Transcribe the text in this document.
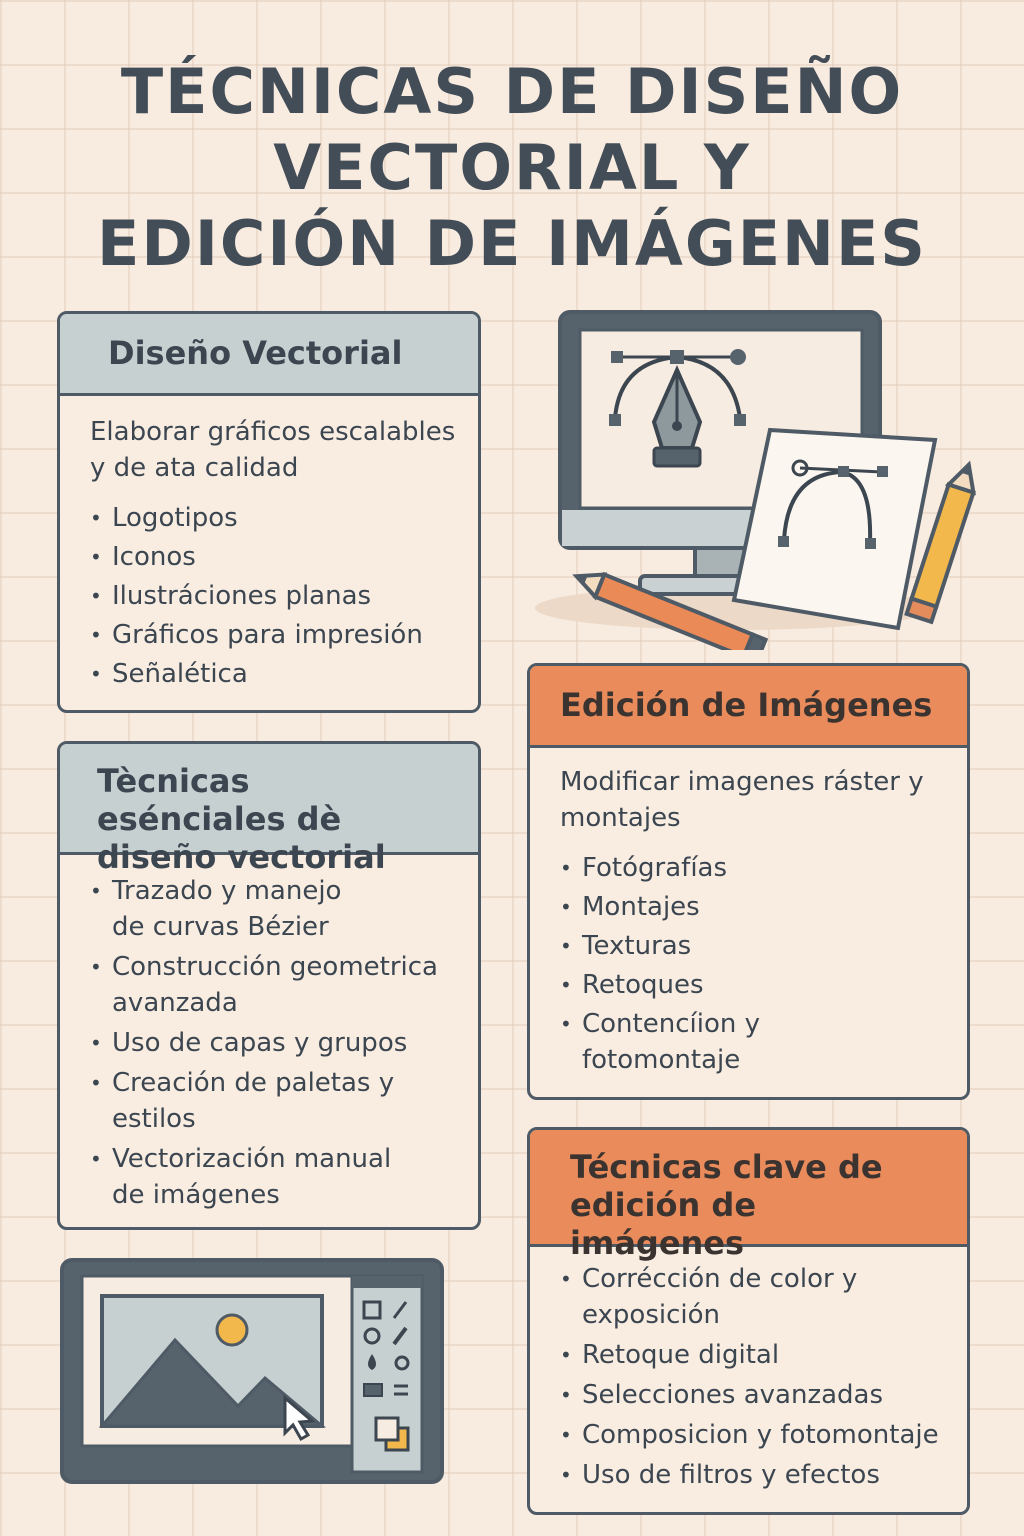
TÉCNICAS DE DISEÑO
VECTORIAL Y
EDICIÓN DE IMÁGENES
Diseño Vectorial
Elaborar gráficos escalables y de ata calidad
• Logotipos
• Iconos
• Ilustráciones planas
• Gráficos para impresión
• Señalética
Tècnicas esénciales dè diseño vectorial
• Trazado y manejo de curvas Bézier
• Construcción geometrica avanzada
• Uso de capas y grupos
• Creación de paletas y estilos
• Vectorización manual de imágenes
Edición de Imágenes
Modificar imagenes ráster y montajes
• Fotógrafías
• Montajes
• Texturas
• Retoques
• Contencíion y fotomontaje
Técnicas clave de edición de imágenes
• Corrécción de color y exposición
• Retoque digital
• Selecciones avanzadas
• Composicion y fotomontaje
• Uso de filtros y efectos
